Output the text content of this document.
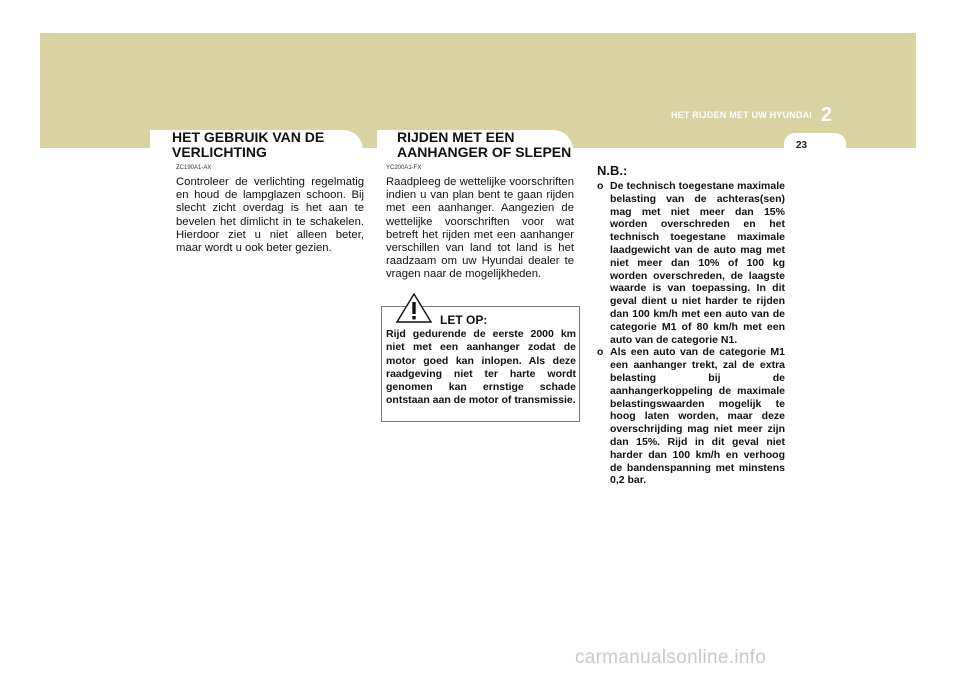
HET RIJDEN MET UW HYUNDAI 2
23
HET GEBRUIK VAN DE
VERLICHTING
ZC190A1-AX
Controleer de verlichting regelmatig en houd de lampglazen schoon. Bij slecht zicht overdag is het aan te bevelen het dimlicht in te schakelen. Hierdoor ziet u niet alleen beter, maar wordt u ook beter gezien.
RIJDEN MET EEN
AANHANGER OF SLEPEN
YC200A1-FX
Raadpleeg de wettelijke voorschriften indien u van plan bent te gaan rijden met een aanhanger. Aangezien de wettelijke voorschriften voor wat betreft het rijden met een aanhanger verschillen van land tot land is het raadzaam om uw Hyundai dealer te vragen naar de mogelijkheden.
LET OP:
Rijd gedurende de eerste 2000 km niet met een aanhanger zodat de motor goed kan inlopen. Als deze raadgeving niet ter harte wordt genomen kan ernstige schade ontstaan aan de motor of transmissie.
N.B.:
o De technisch toegestane maximale belasting van de achteras(sen) mag met niet meer dan 15% worden overschreden en het technisch toegestane maximale laadgewicht van de auto mag met niet meer dan 10% of 100 kg worden overschreden, de laagste waarde is van toepassing. In dit geval dient u niet harder te rijden dan 100 km/h met een auto van de categorie M1 of 80 km/h met een auto van de categorie N1.
o Als een auto van de categorie M1 een aanhanger trekt, zal de extra belasting bij de aanhangerkoppeling de maximale belastingswaarden mogelijk te hoog laten worden, maar deze overschrijding mag niet meer zijn dan 15%. Rijd in dit geval niet harder dan 100 km/h en verhoog de bandenspanning met minstens 0,2 bar.
carmanualsonline.info
